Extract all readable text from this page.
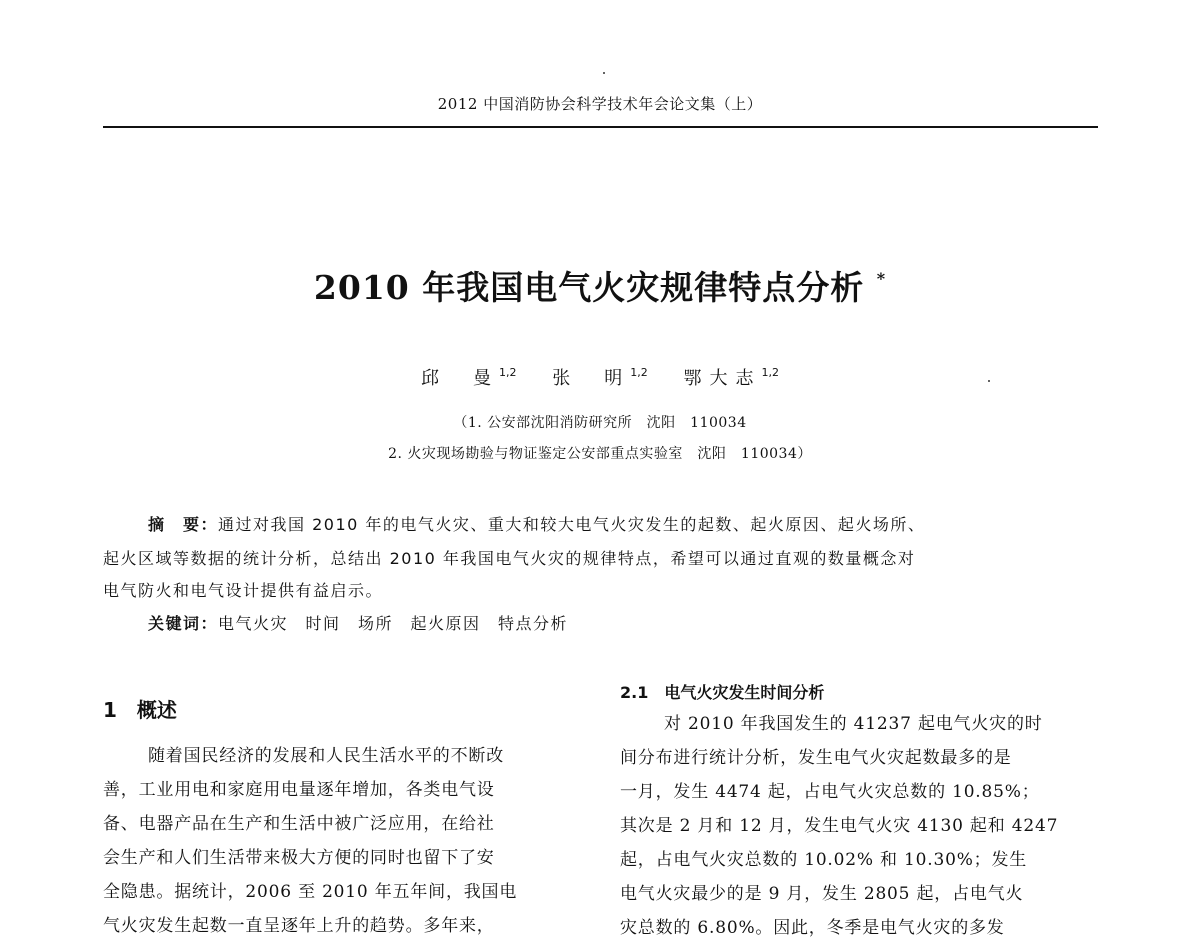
2012 中国消防协会科学技术年会论文集（上）
2010 年我国电气火灾规律特点分析 *
邱　曼$^{1,2}$ 张　明$^{1,2}$ 鄂大志$^{1,2}$
（1. 公安部沈阳消防研究所　沈阳　110034
2. 火灾现场勘验与物证鉴定公安部重点实验室　沈阳　110034）
摘　要：通过对我国 2010 年的电气火灾、重大和较大电气火灾发生的起数、起火原因、起火场所、
起火区域等数据的统计分析，总结出 2010 年我国电气火灾的规律特点，希望可以通过直观的数量概念对
电气防火和电气设计提供有益启示。
关键词：电气火灾　时间　场所　起火原因　特点分析
1　概述
随着国民经济的发展和人民生活水平的不断改
善，工业用电和家庭用电量逐年增加，各类电气设
备、电器产品在生产和生活中被广泛应用，在给社
会生产和人们生活带来极大方便的同时也留下了安
全隐患。据统计，2006 至 2010 年五年间，我国电
气火灾发生起数一直呈逐年上升的趋势。多年来，
2.1　电气火灾发生时间分析
对 2010 年我国发生的 41237 起电气火灾的时
间分布进行统计分析，发生电气火灾起数最多的是
一月，发生 4474 起，占电气火灾总数的 10.85%；
其次是 2 月和 12 月，发生电气火灾 4130 起和 4247
起，占电气火灾总数的 10.02% 和 10.30%；发生
电气火灾最少的是 9 月，发生 2805 起，占电气火
灾总数的 6.80%。因此，冬季是电气火灾的多发
